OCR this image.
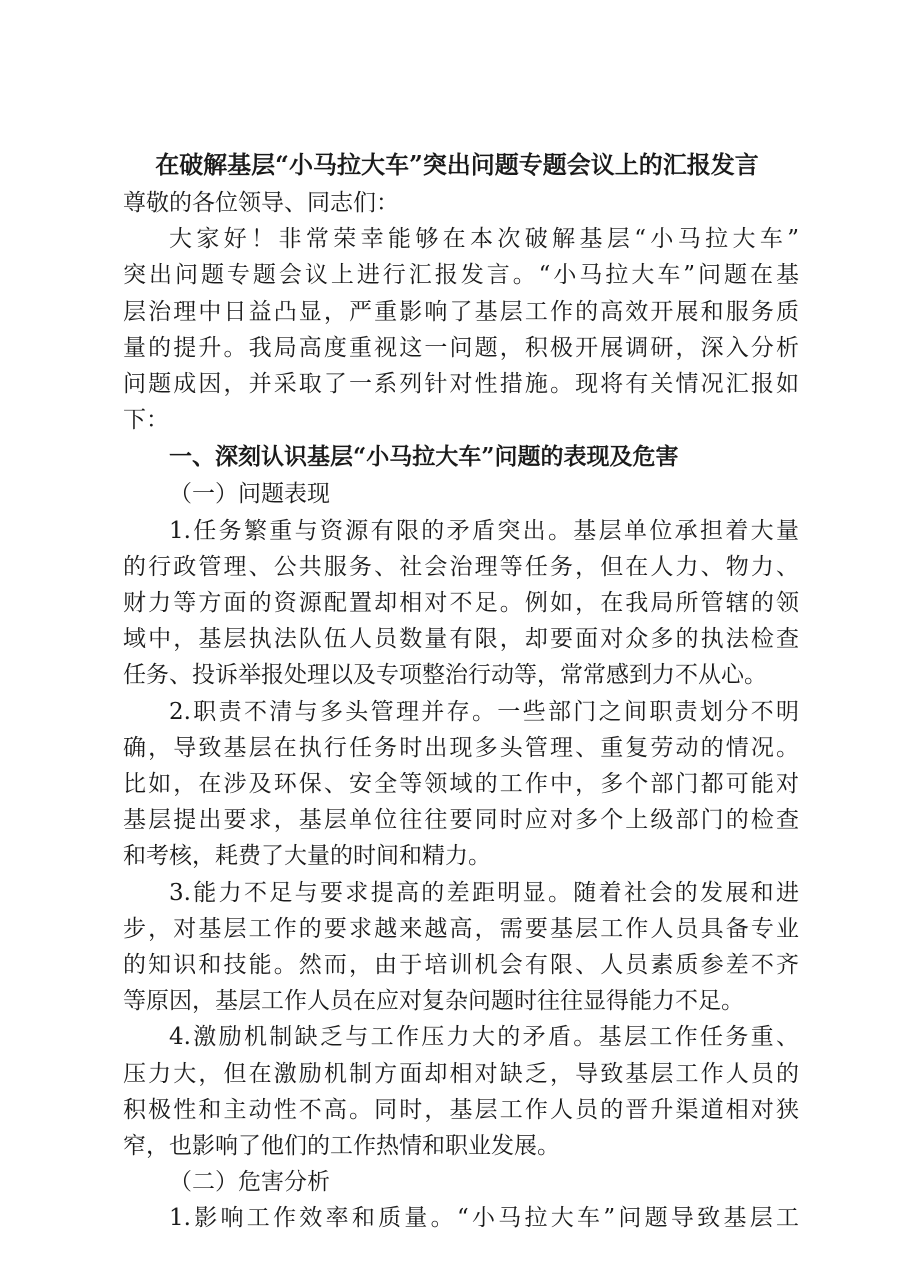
在破解基层“小马拉大车”突出问题专题会议上的汇报发言
尊敬的各位领导、同志们：
大家好！非常荣幸能够在本次破解基层“小马拉大车”
突出问题专题会议上进行汇报发言。“小马拉大车”问题在基
层治理中日益凸显，严重影响了基层工作的高效开展和服务质
量的提升。我局高度重视这一问题，积极开展调研，深入分析
问题成因，并采取了一系列针对性措施。现将有关情况汇报如
下：
一、深刻认识基层“小马拉大车”问题的表现及危害
（一）问题表现
1.任务繁重与资源有限的矛盾突出。基层单位承担着大量
的行政管理、公共服务、社会治理等任务，但在人力、物力、
财力等方面的资源配置却相对不足。例如，在我局所管辖的领
域中，基层执法队伍人员数量有限，却要面对众多的执法检查
任务、投诉举报处理以及专项整治行动等，常常感到力不从心。
2.职责不清与多头管理并存。一些部门之间职责划分不明
确，导致基层在执行任务时出现多头管理、重复劳动的情况。
比如，在涉及环保、安全等领域的工作中，多个部门都可能对
基层提出要求，基层单位往往要同时应对多个上级部门的检查
和考核，耗费了大量的时间和精力。
3.能力不足与要求提高的差距明显。随着社会的发展和进
步，对基层工作的要求越来越高，需要基层工作人员具备专业
的知识和技能。然而，由于培训机会有限、人员素质参差不齐
等原因，基层工作人员在应对复杂问题时往往显得能力不足。
4.激励机制缺乏与工作压力大的矛盾。基层工作任务重、
压力大，但在激励机制方面却相对缺乏，导致基层工作人员的
积极性和主动性不高。同时，基层工作人员的晋升渠道相对狭
窄，也影响了他们的工作热情和职业发展。
（二）危害分析
1.影响工作效率和质量。“小马拉大车”问题导致基层工
